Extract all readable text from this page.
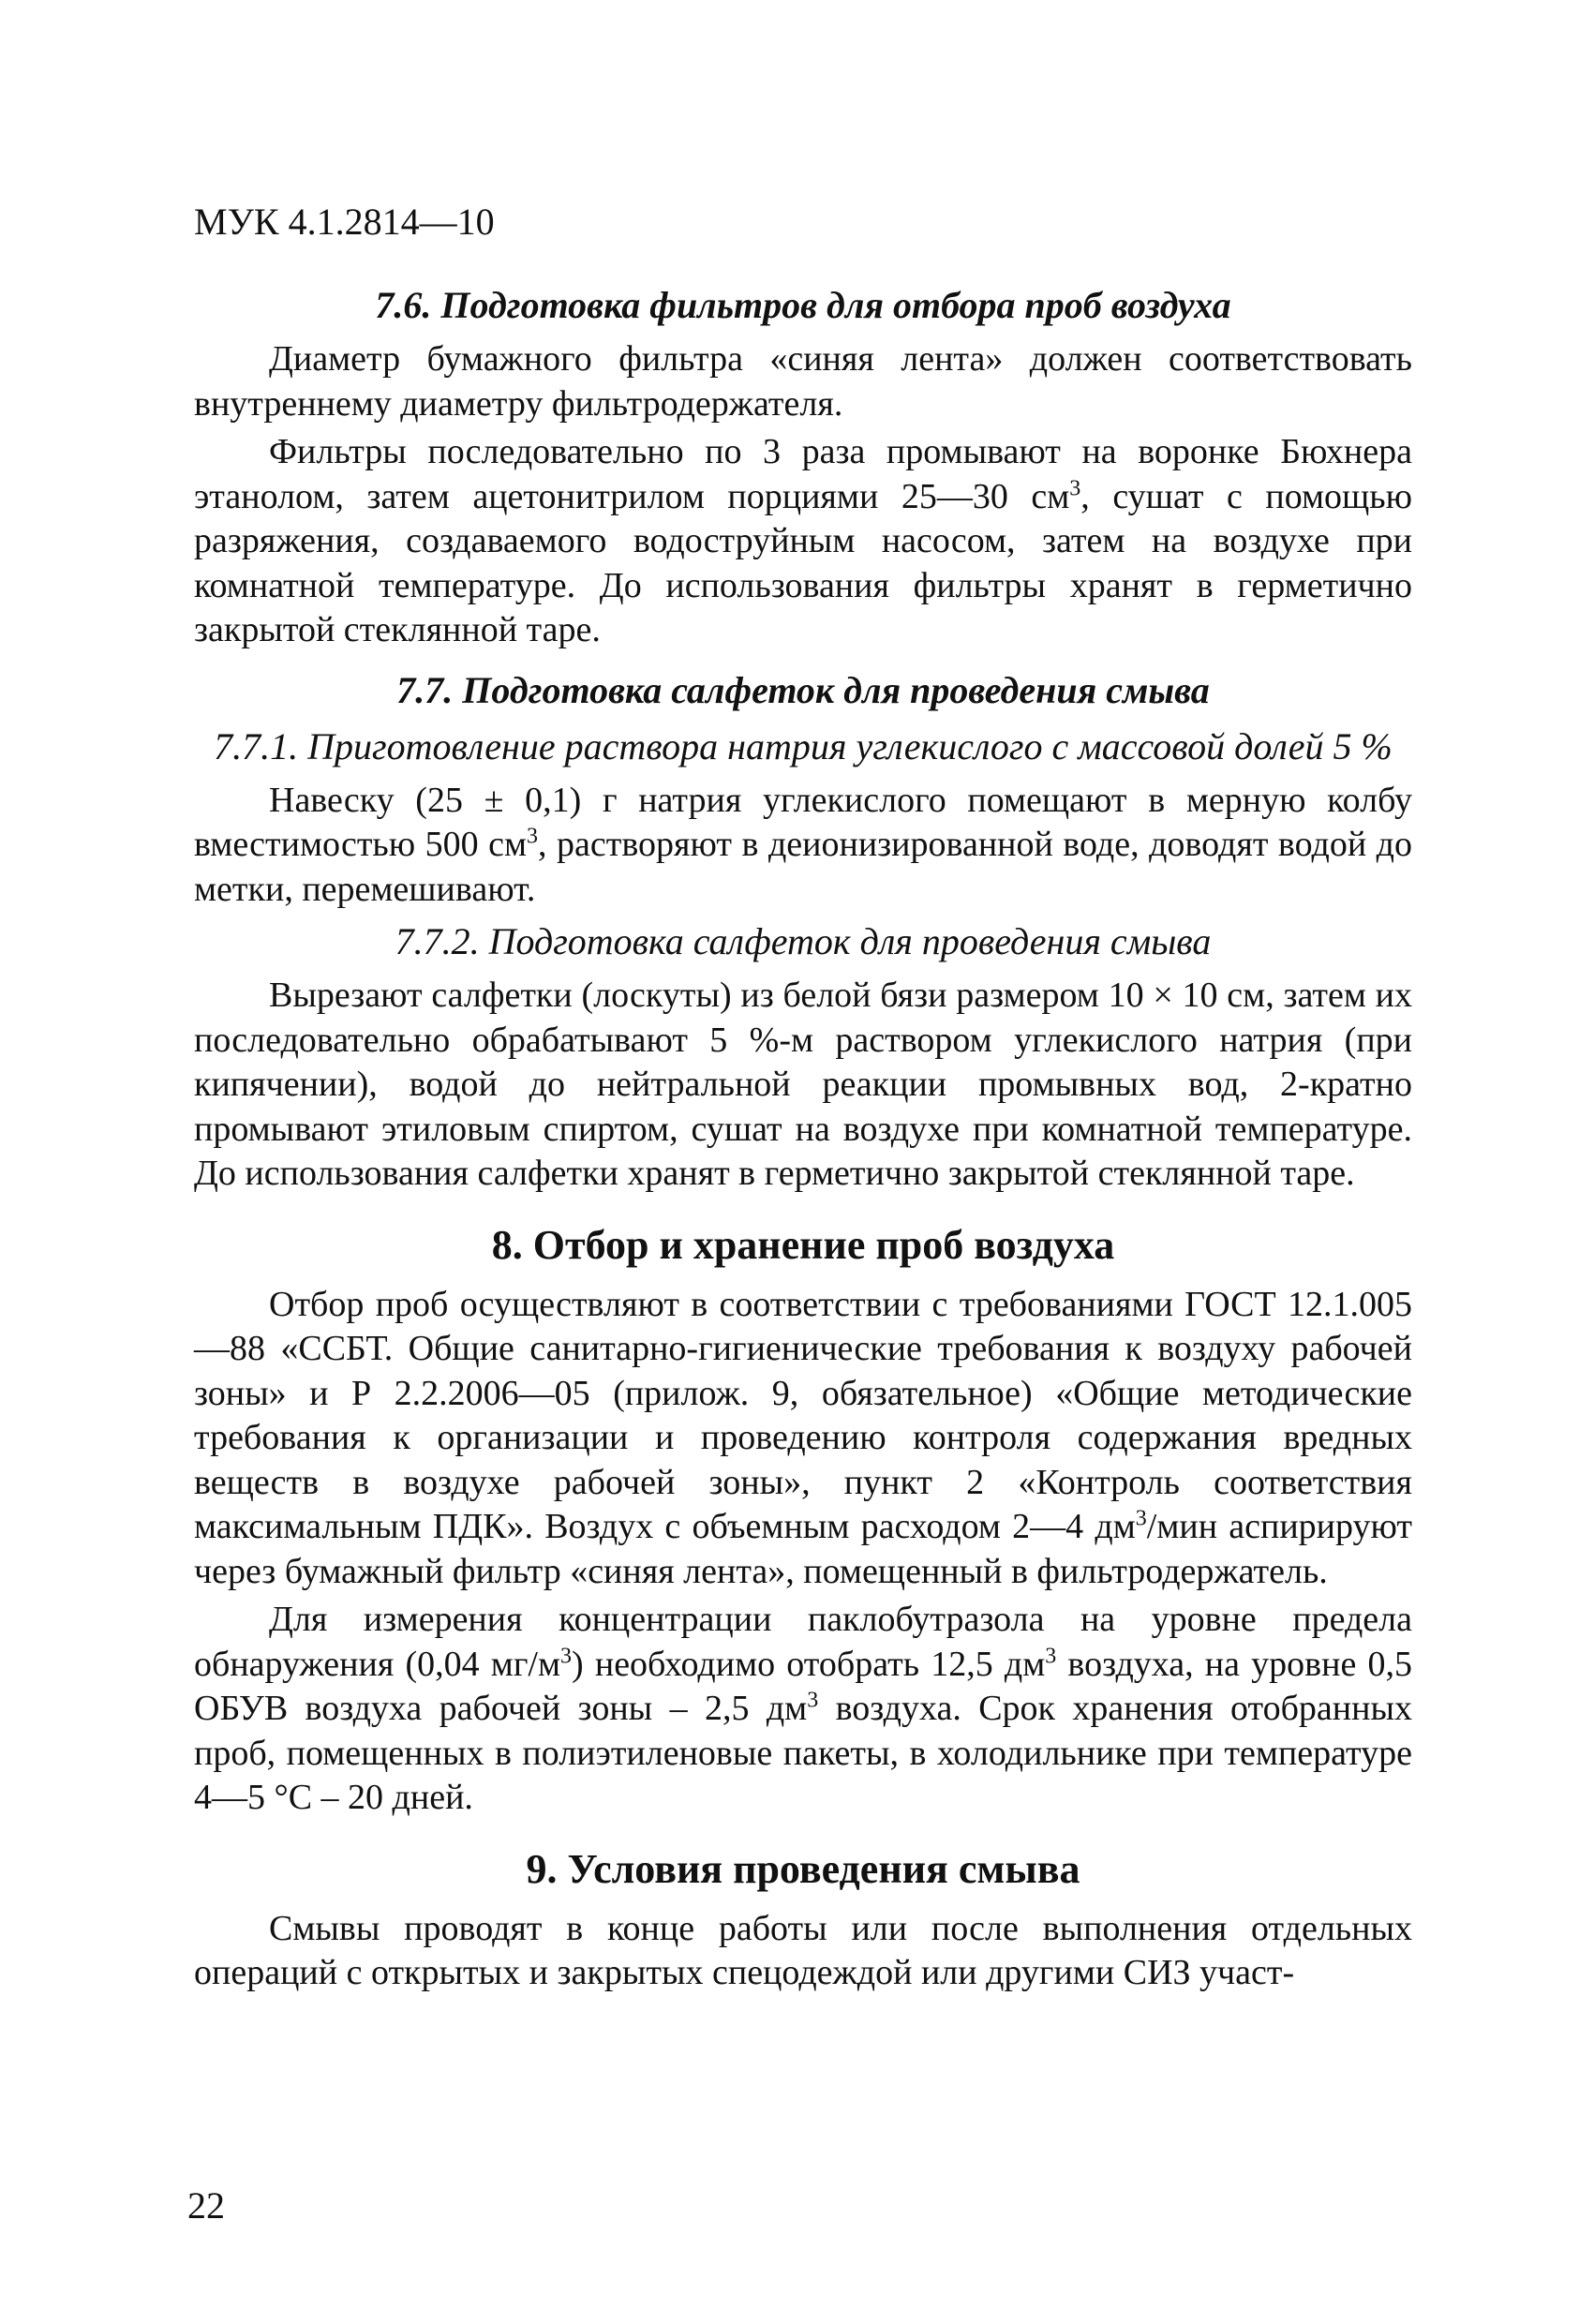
МУК 4.1.2814—10
7.6. Подготовка фильтров для отбора проб воздуха

Диаметр бумажного фильтра «синяя лента» должен соответствовать внутреннему диаметру фильтродержателя.

Фильтры последовательно по 3 раза промывают на воронке Бюхнера этанолом, затем ацетонитрилом порциями 25—30 $см^3$, сушат с помощью разряжения, создаваемого водоструйным насосом, затем на воздухе при комнатной температуре. До использования фильтры хранят в герметично закрытой стеклянной таре.

7.7. Подготовка салфеток для проведения смыва
7.7.1. Приготовление раствора натрия углекислого с массовой долей 5 %

Навеску (25 ± 0,1) г натрия углекислого помещают в мерную колбу вместимостью 500 $см^3$, растворяют в деионизированной воде, доводят водой до метки, перемешивают.

7.7.2. Подготовка салфеток для проведения смыва

Вырезают салфетки (лоскуты) из белой бязи размером 10 × 10 см, затем их последовательно обрабатывают 5 %-м раствором углекислого натрия (при кипячении), водой до нейтральной реакции промывных вод, 2-кратно промывают этиловым спиртом, сушат на воздухе при комнатной температуре. До использования салфетки хранят в герметично закрытой стеклянной таре.

8. Отбор и хранение проб воздуха

Отбор проб осуществляют в соответствии с требованиями ГОСТ 12.1.005—88 «ССБТ. Общие санитарно-гигиенические требования к воздуху рабочей зоны» и Р 2.2.2006—05 (прилож. 9, обязательное) «Общие методические требования к организации и проведению контроля содержания вредных веществ в воздухе рабочей зоны», пункт 2 «Контроль соответствия максимальным ПДК». Воздух с объемным расходом 2—4 $дм^3$/мин аспирируют через бумажный фильтр «синяя лента», помещенный в фильтродержатель.

Для измерения концентрации паклобутразола на уровне предела обнаружения (0,04 $мг/м^3$) необходимо отобрать 12,5 $дм^3$ воздуха, на уровне 0,5 ОБУВ воздуха рабочей зоны – 2,5 $дм^3$ воздуха. Срок хранения отобранных проб, помещенных в полиэтиленовые пакеты, в холодильнике при температуре 4—5 °С – 20 дней.

9. Условия проведения смыва

Смывы проводят в конце работы или после выполнения отдельных операций с открытых и закрытых спецодеждой или другими СИЗ участ-

22
